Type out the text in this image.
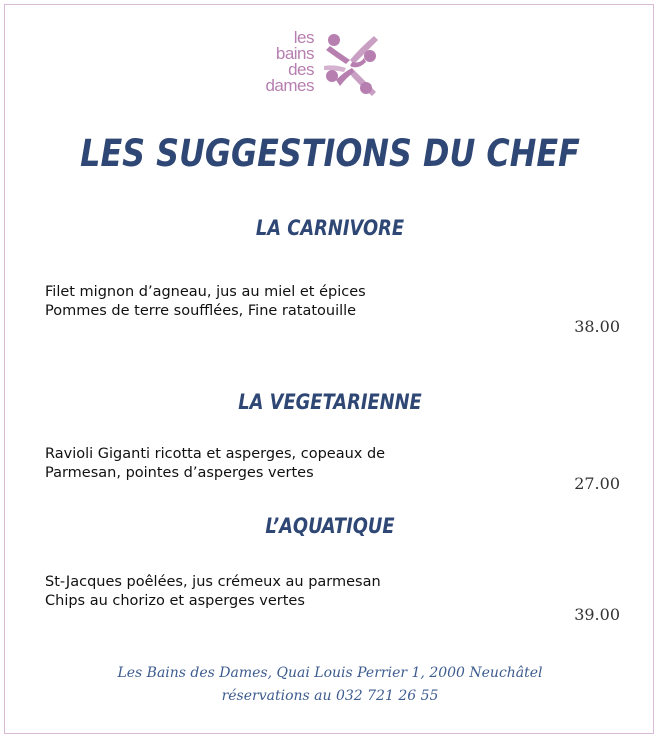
les
bains
des
dames
LES SUGGESTIONS DU CHEF
LA CARNIVORE
Filet mignon d’agneau, jus au miel et épices
Pommes de terre soufflées, Fine ratatouille
38.00
LA VEGETARIENNE
Ravioli Giganti ricotta et asperges, copeaux de
Parmesan, pointes d’asperges vertes
27.00
L’AQUATIQUE
St-Jacques poêlées, jus crémeux au parmesan
Chips au chorizo et asperges vertes
39.00
Les Bains des Dames, Quai Louis Perrier 1, 2000 Neuchâtel
réservations au 032 721 26 55
